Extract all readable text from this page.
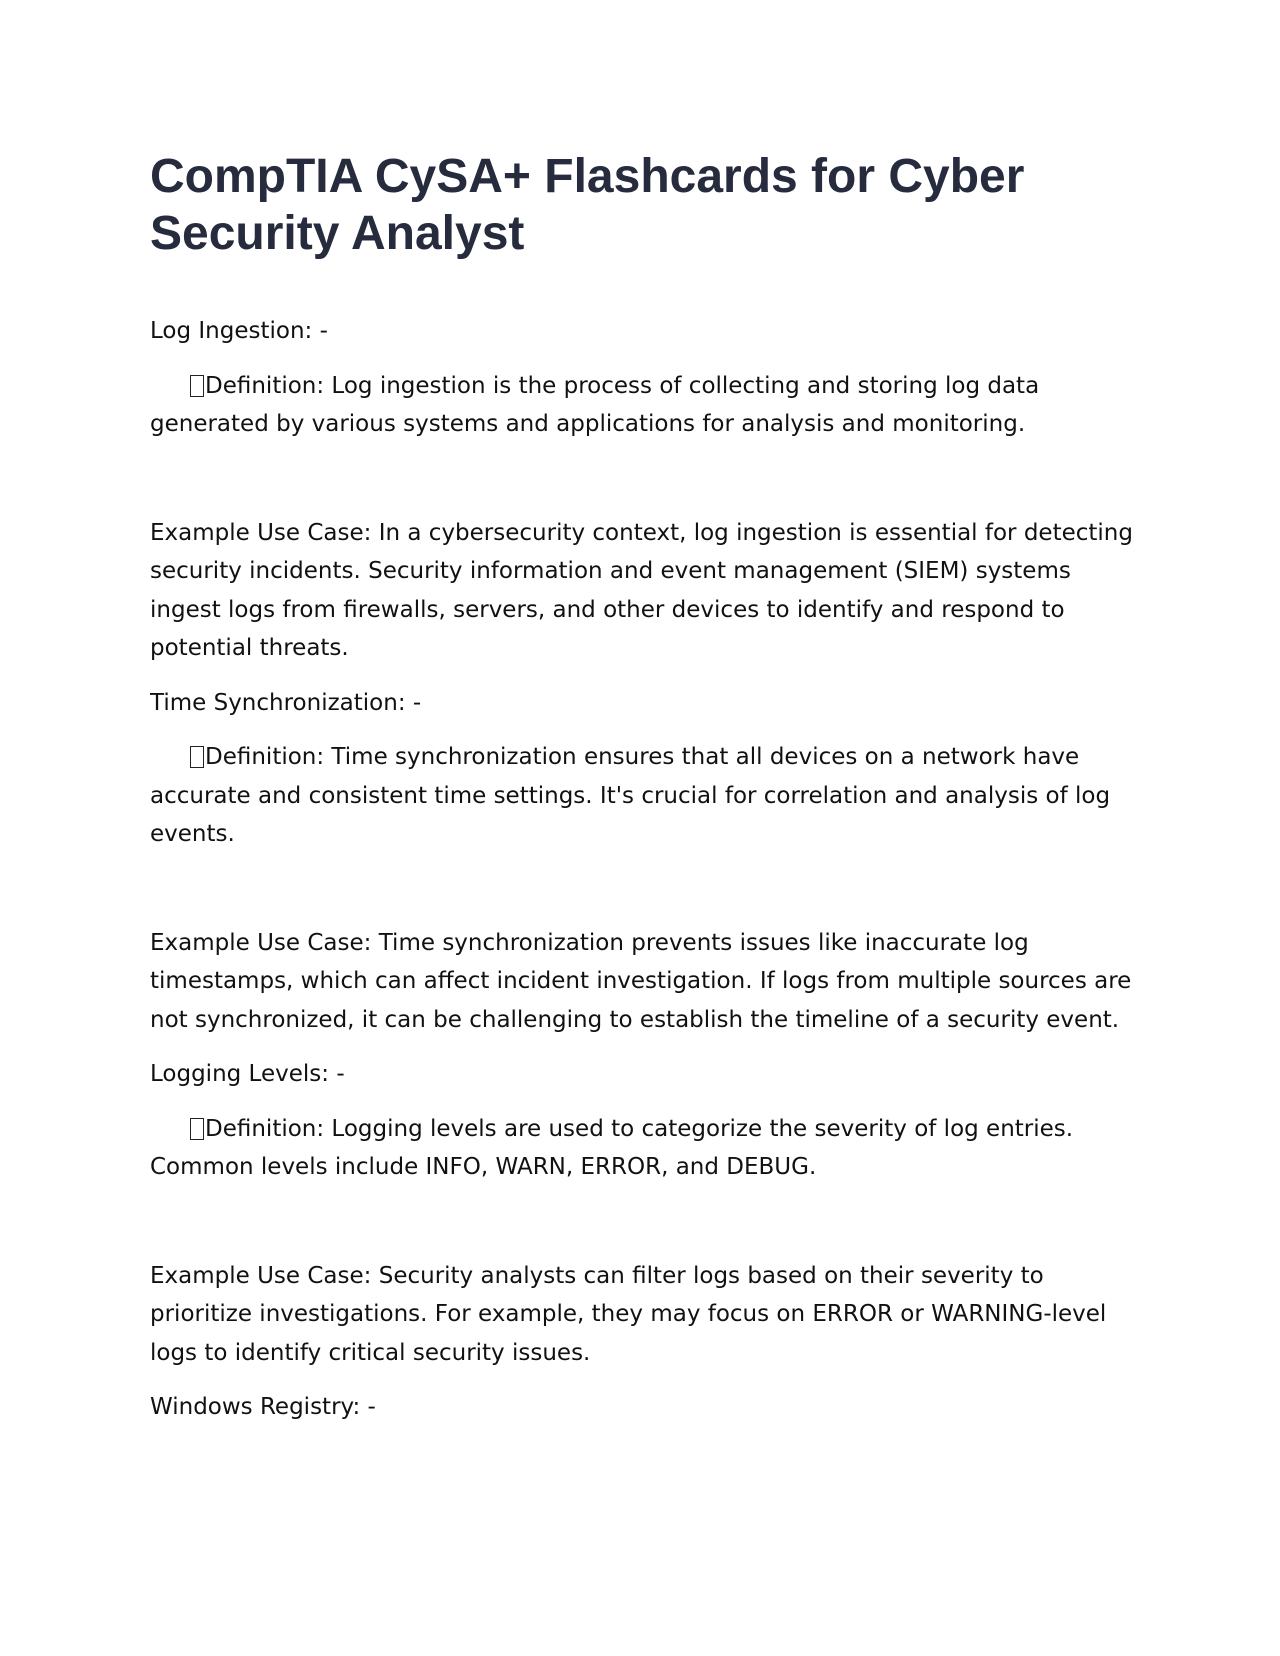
CompTIA CySA+ Flashcards for Cyber Security Analyst

Log Ingestion: -

Definition: Log ingestion is the process of collecting and storing log data generated by various systems and applications for analysis and monitoring.

Example Use Case: In a cybersecurity context, log ingestion is essential for detecting security incidents. Security information and event management (SIEM) systems ingest logs from firewalls, servers, and other devices to identify and respond to potential threats.

Time Synchronization: -

Definition: Time synchronization ensures that all devices on a network have accurate and consistent time settings. It's crucial for correlation and analysis of log events.

Example Use Case: Time synchronization prevents issues like inaccurate log timestamps, which can affect incident investigation. If logs from multiple sources are not synchronized, it can be challenging to establish the timeline of a security event.

Logging Levels: -

Definition: Logging levels are used to categorize the severity of log entries. Common levels include INFO, WARN, ERROR, and DEBUG.

Example Use Case: Security analysts can filter logs based on their severity to prioritize investigations. For example, they may focus on ERROR or WARNING-level logs to identify critical security issues.

Windows Registry: -
